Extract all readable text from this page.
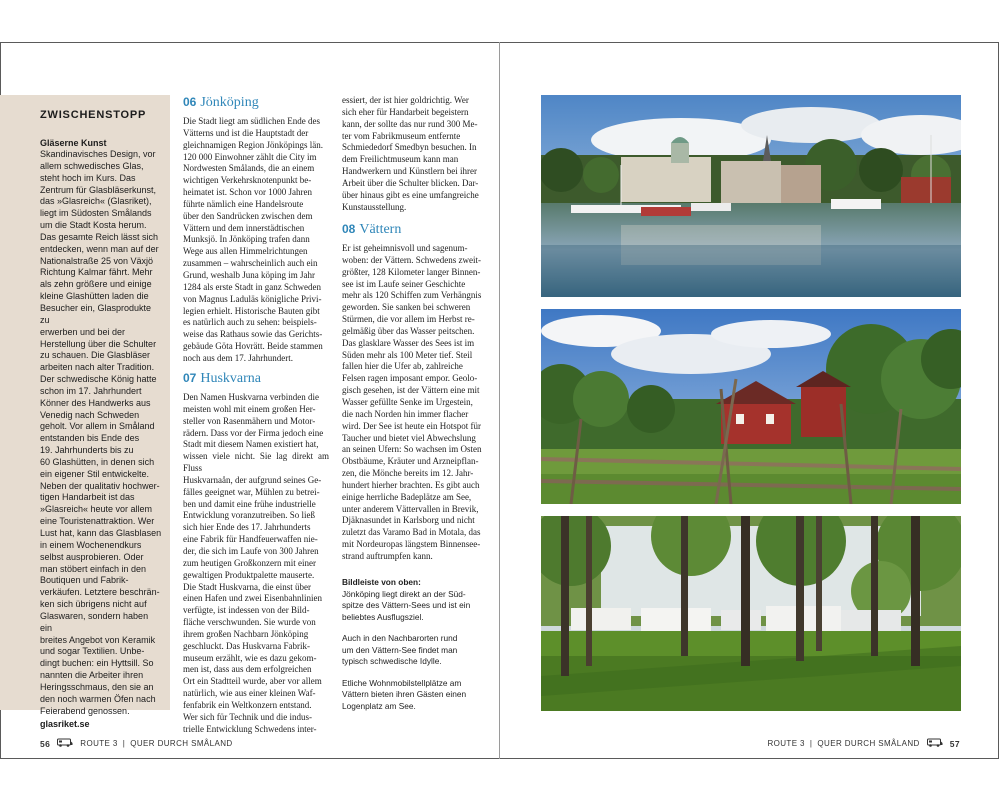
ZWISCHENSTOPP

Gläserne Kunst

Skandinavisches Design, vor
allem schwedisches Glas,
steht hoch im Kurs. Das
Zentrum für Glasbläserkunst,
das »Glasreich« (Glasriket),
liegt im Südosten Smålands
um die Stadt Kosta herum.
Das gesamte Reich lässt sich
entdecken, wenn man auf der
Nationalstraße 25 von Växjö
Richtung Kalmar fährt. Mehr
als zehn größere und einige
kleine Glashütten laden die
Besucher ein, Glasprodukte zu
erwerben und bei der
Herstellung über die Schulter
zu schauen. Die Glasbläser
arbeiten nach alter Tradition.
Der schwedische König hatte
schon im 17. Jahrhundert
Könner des Handwerks aus
Venedig nach Schweden
geholt. Vor allem in Småland
entstanden bis Ende des
19. Jahrhunderts bis zu
60 Glashütten, in denen sich
ein eigener Stil entwickelte.
Neben der qualitativ hochwer-
tigen Handarbeit ist das
»Glasreich« heute vor allem
eine Touristenattraktion. Wer
Lust hat, kann das Glasblasen
in einem Wochenendkurs
selbst ausprobieren. Oder
man stöbert einfach in den
Boutiquen und Fabrik-
verkäufen. Letztere beschrän-
ken sich übrigens nicht auf
Glaswaren, sondern haben ein
breites Angebot von Keramik
und sogar Textilien. Unbe-
dingt buchen: ein Hyttsill. So
nannten die Arbeiter ihren
Heringsschmaus, den sie an
den noch warmen Öfen nach
Feierabend genossen.

glasriket.se

06 Jönköping
Die Stadt liegt am südlichen Ende des
Vätterns und ist die Hauptstadt der
gleichnamigen Region Jönköpings län.
120 000 Einwohner zählt die City im
Nordwesten Smålands, die an einem
wichtigen Verkehrsknotenpunkt be-
heimatet ist. Schon vor 1000 Jahren
führte nämlich eine Handelsroute
über den Sandrücken zwischen dem
Vättern und dem innerstädtischen
Munksjö. In Jönköping trafen dann
Wege aus allen Himmelrichtungen
zusammen – wahrscheinlich auch ein
Grund, weshalb Juna köping im Jahr
1284 als erste Stadt in ganz Schweden
von Magnus Laduläs königliche Privi-
legien erhielt. Historische Bauten gibt
es natürlich auch zu sehen: beispiels-
weise das Rathaus sowie das Gerichts-
gebäude Göta Hovrätt. Beide stammen
noch aus dem 17. Jahrhundert.
07 Huskvarna
Den Namen Huskvarna verbinden die
meisten wohl mit einem großen Her-
steller von Rasenmähern und Motor-
rädern. Dass vor der Firma jedoch eine
Stadt mit diesem Namen existiert hat,
wissen viele nicht. Sie lag direkt am Fluss
Huskvarnaån, der aufgrund seines Ge-
fälles geeignet war, Mühlen zu betrei-
ben und damit eine frühe industrielle
Entwicklung voranzutreiben. So ließ
sich hier Ende des 17. Jahrhunderts
eine Fabrik für Handfeuerwaffen nie-
der, die sich im Laufe von 300 Jahren
zum heutigen Großkonzern mit einer
gewaltigen Produktpalette mauserte.
Die Stadt Huskvarna, die einst über
einen Hafen und zwei Eisenbahnlinien
verfügte, ist indessen von der Bild-
fläche verschwunden. Sie wurde von
ihrem großen Nachbarn Jönköping
geschluckt. Das Huskvarna Fabrik-
museum erzählt, wie es dazu gekom-
men ist, dass aus dem erfolgreichen
Ort ein Stadtteil wurde, aber vor allem
natürlich, wie aus einer kleinen Waf-
fenfabrik ein Weltkonzern entstand.
Wer sich für Technik und die indus-
trielle Entwicklung Schwedens inter-
essiert, der ist hier goldrichtig. Wer
sich eher für Handarbeit begeistern
kann, der sollte das nur rund 300 Me-
ter vom Fabrikmuseum entfernte
Schmiededorf Smedbyn besuchen. In
dem Freilichtmuseum kann man
Handwerkern und Künstlern bei ihrer
Arbeit über die Schulter blicken. Dar-
über hinaus gibt es eine umfangreiche
Kunstausstellung.
08 Vättern
Er ist geheimnisvoll und sagenum-
woben: der Vättern. Schwedens zweit-
größter, 128 Kilometer langer Binnen-
see ist im Laufe seiner Geschichte
mehr als 120 Schiffen zum Verhängnis
geworden. Sie sanken bei schweren
Stürmen, die vor allem im Herbst re-
gelmäßig über das Wasser peitschen.
Das glasklare Wasser des Sees ist im
Süden mehr als 100 Meter tief. Steil
fallen hier die Ufer ab, zahlreiche
Felsen ragen imposant empor. Geolo-
gisch gesehen, ist der Vättern eine mit
Wasser gefüllte Senke im Urgestein,
die nach Norden hin immer flacher
wird. Der See ist heute ein Hotspot für
Taucher und bietet viel Abwechslung
an seinen Ufern: So wachsen im Osten
Obstbäume, Kräuter und Arzneipflan-
zen, die Mönche bereits im 12. Jahr-
hundert hierher brachten. Es gibt auch
einige herrliche Badeplätze am See,
unter anderem Vättervallen in Brevik,
Djäknasundet in Karlsborg und nicht
zuletzt das Varamo Bad in Motala, das
mit Nordeuropas längstem Binnensee-
strand auftrumpfen kann.

Bildleiste von oben:

Jönköping liegt direkt an der Süd-
spitze des Vättern-Sees und ist ein
beliebtes Ausflugsziel.

Auch in den Nachbarorten rund
um den Vättern-See findet man
typisch schwedische Idylle.

Etliche Wohnmobilstellplätze am
Vättern bieten ihren Gästen einen
Logenplatz am See.

56	ROUTE 3 | QUER DURCH SMÅLAND	ROUTE 3 | QUER DURCH SMÅLAND	57
